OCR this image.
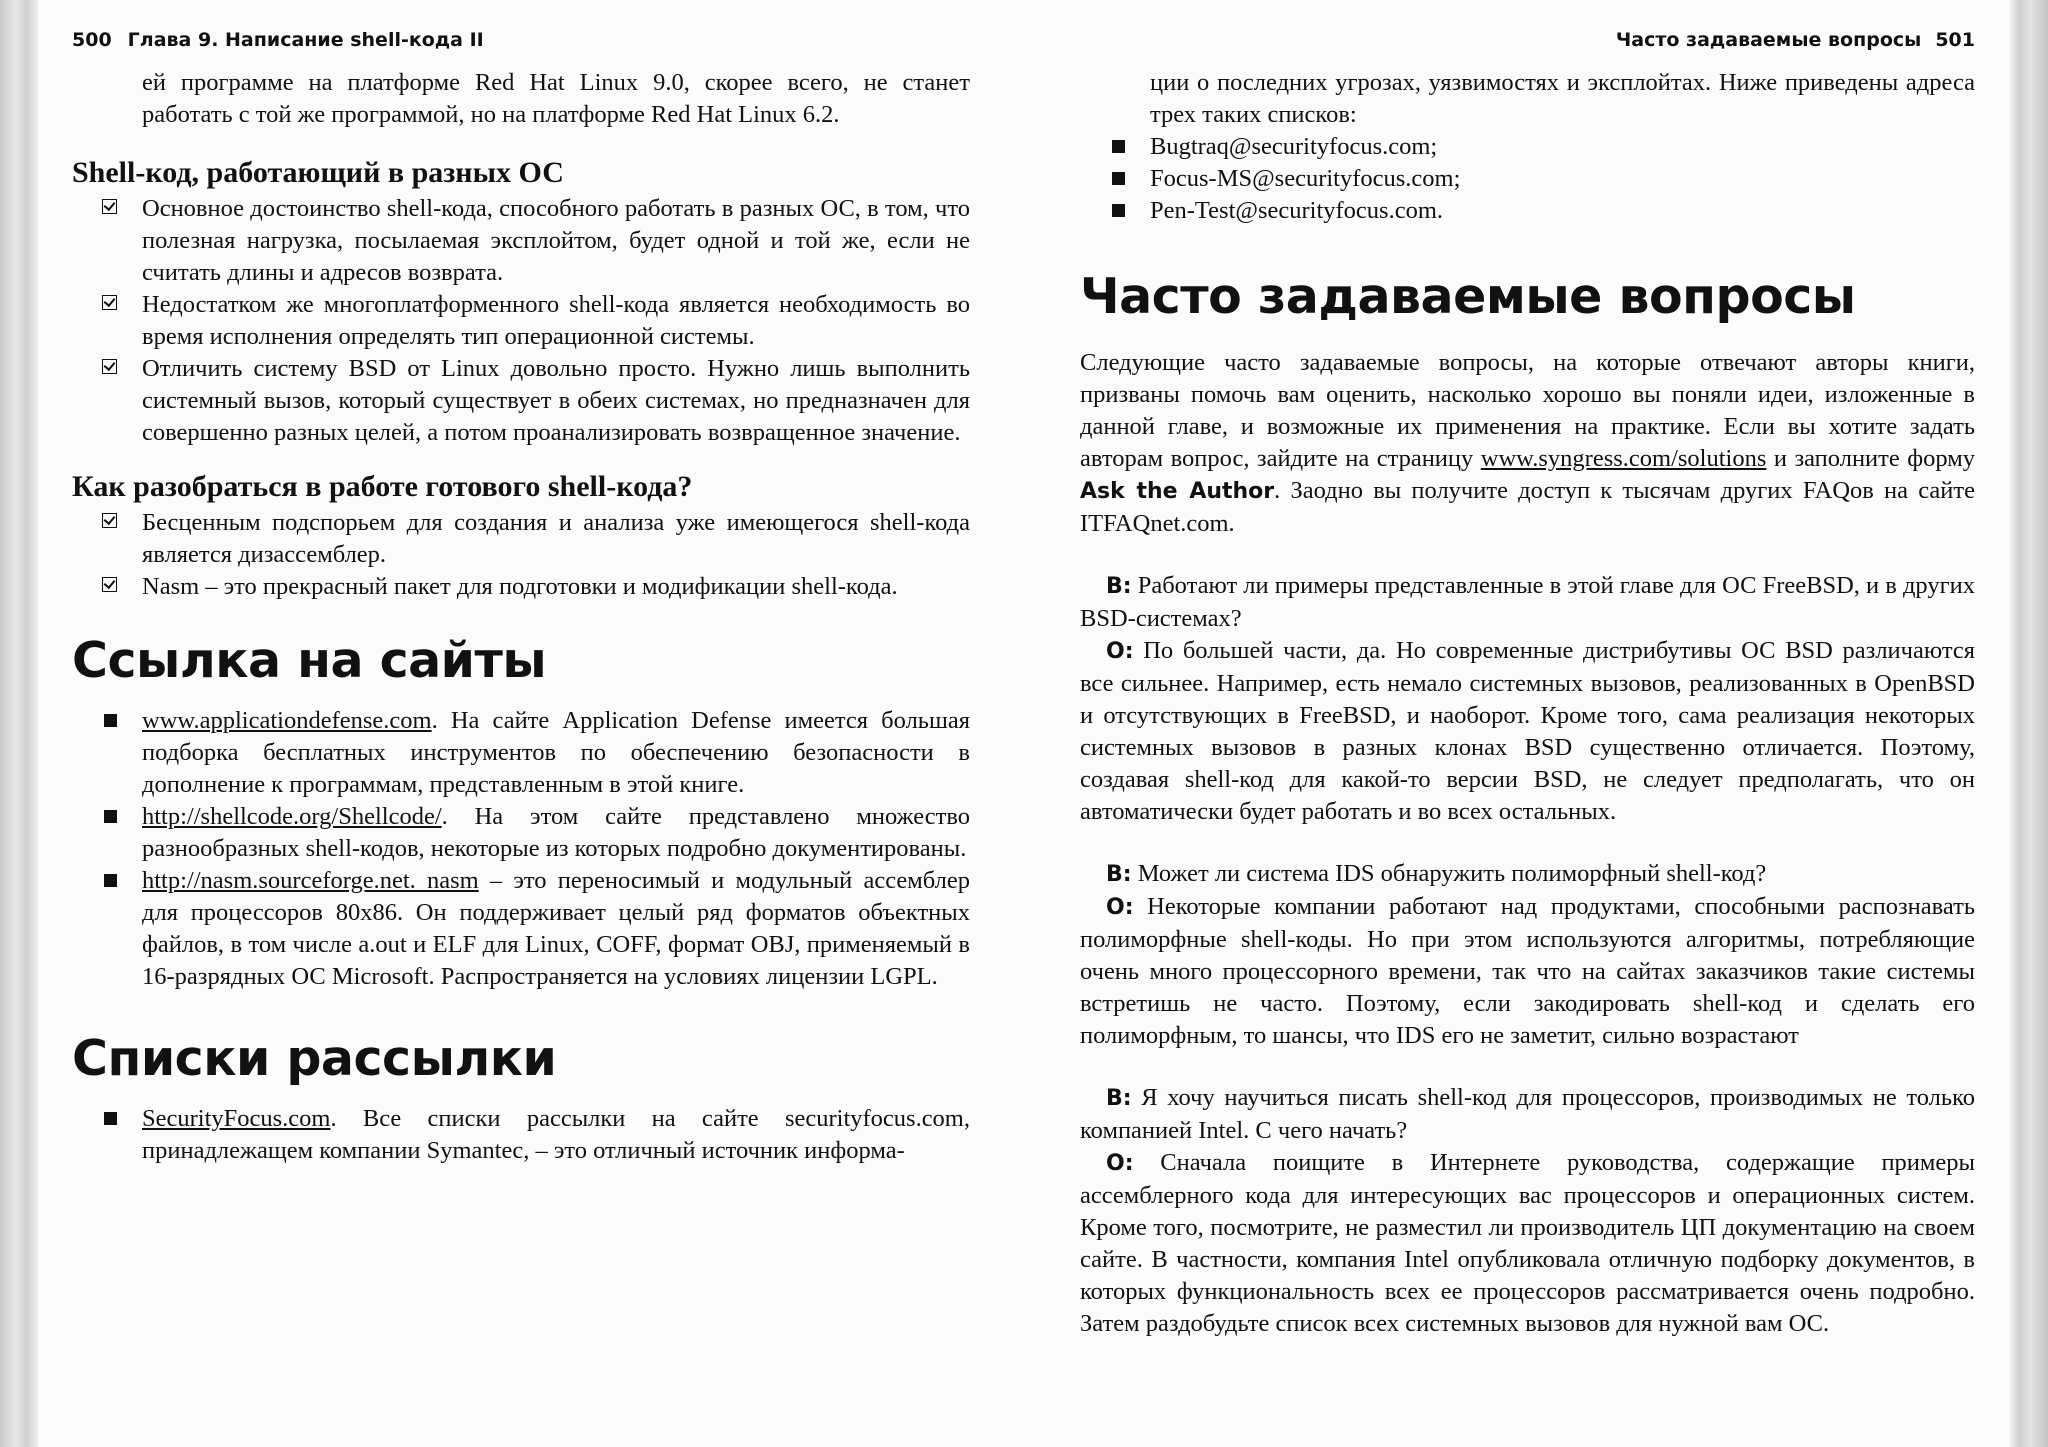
500 Глава 9. Написание shell-кода II

ей программе на платформе Red Hat Linux 9.0, скорее всего, не станет работать с той же программой, но на платформе Red Hat Linux 6.2.

Shell-код, работающий в разных ОС
Основное достоинство shell-кода, способного работать в разных ОС, в том, что полезная нагрузка, посылаемая эксплойтом, будет одной и той же, если не считать длины и адресов возврата.
Недостатком же многоплатформенного shell-кода является необходимость во время исполнения определять тип операционной системы.
Отличить систему BSD от Linux довольно просто. Нужно лишь выполнить системный вызов, который существует в обеих системах, но предназначен для совершенно разных целей, а потом проанализировать возвращенное значение.
Как разобраться в работе готового shell-кода?
Бесценным подспорьем для создания и анализа уже имеющегося shell-кода является дизассемблер.
Nasm – это прекрасный пакет для подготовки и модификации shell-кода.
Ссылка на сайты
www.applicationdefense.com. На сайте Application Defense имеется большая подборка бесплатных инструментов по обеспечению безопасности в дополнение к программам, представленным в этой книге.
http://shellcode.org/Shellcode/. На этом сайте представлено множество разнообразных shell-кодов, некоторые из которых подробно документированы.
http://nasm.sourceforge.net. nasm – это переносимый и модульный ассемблер для процессоров 80x86. Он поддерживает целый ряд форматов объектных файлов, в том числе a.out и ELF для Linux, COFF, формат OBJ, применяемый в 16-разрядных ОС Microsoft. Распространяется на условиях лицензии LGPL.
Списки рассылки
SecurityFocus.com. Все списки рассылки на сайте securityfocus.com, принадлежащем компании Symantec, – это отличный источник информа-
Часто задаваемые вопросы 501

ции о последних угрозах, уязвимостях и эксплойтах. Ниже приведены адреса трех таких списков:

Bugtraq@securityfocus.com;
Focus-MS@securityfocus.com;
Pen-Test@securityfocus.com.
Часто задаваемые вопросы

Следующие часто задаваемые вопросы, на которые отвечают авторы книги, призваны помочь вам оценить, насколько хорошо вы поняли идеи, изложенные в данной главе, и возможные их применения на практике. Если вы хотите задать авторам вопрос, зайдите на страницу www.syngress.com/solutions и заполните форму Ask the Author. Заодно вы получите доступ к тысячам других FAQов на сайте ITFAQnet.com.

В: Работают ли примеры представленные в этой главе для ОС FreeBSD, и в других BSD-системах?

О: По большей части, да. Но современные дистрибутивы ОС BSD различаются все сильнее. Например, есть немало системных вызовов, реализованных в OpenBSD и отсутствующих в FreeBSD, и наоборот. Кроме того, сама реализация некоторых системных вызовов в разных клонах BSD существенно отличается. Поэтому, создавая shell-код для какой-то версии BSD, не следует предполагать, что он автоматически будет работать и во всех остальных.

В: Может ли система IDS обнаружить полиморфный shell-код?

О: Некоторые компании работают над продуктами, способными распознавать полиморфные shell-коды. Но при этом используются алгоритмы, потребляющие очень много процессорного времени, так что на сайтах заказчиков такие системы встретишь не часто. Поэтому, если закодировать shell-код и сделать его полиморфным, то шансы, что IDS его не заметит, сильно возрастают

В: Я хочу научиться писать shell-код для процессоров, производимых не только компанией Intel. С чего начать?

О: Сначала поищите в Интернете руководства, содержащие примеры ассемблерного кода для интересующих вас процессоров и операционных систем. Кроме того, посмотрите, не разместил ли производитель ЦП документацию на своем сайте. В частности, компания Intel опубликовала отличную подборку документов, в которых функциональность всех ее процессоров рассматривается очень подробно. Затем раздобудьте список всех системных вызовов для нужной вам ОС.
